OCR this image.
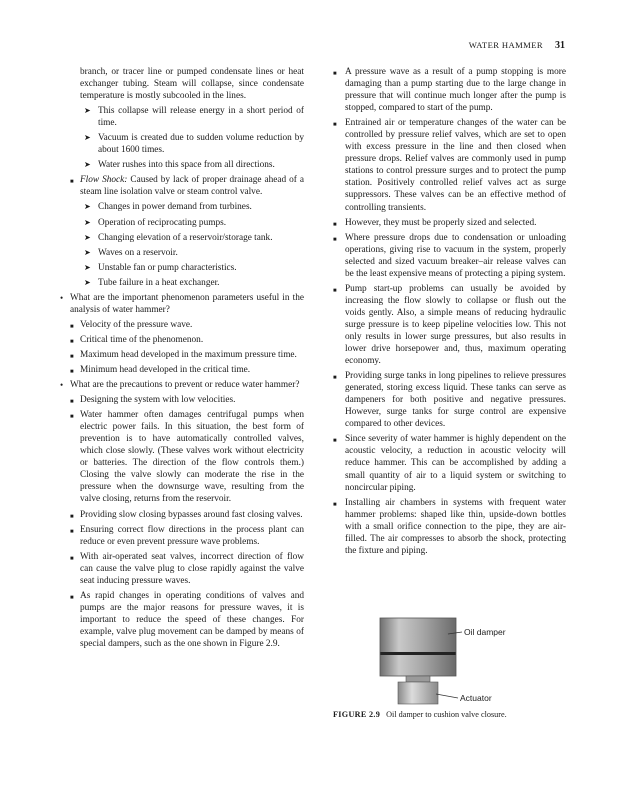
WATER HAMMER 31

branch, or tracer line or pumped condensate lines or heat exchanger tubing. Steam will collapse, since condensate temperature is mostly subcooled in the lines.

➤ This collapse will release energy in a short period of time.
➤ Vacuum is created due to sudden volume reduction by about 1600 times.
➤ Water rushes into this space from all directions.
■ Flow Shock: Caused by lack of proper drainage ahead of a steam line isolation valve or steam control valve.
➤ Changes in power demand from turbines.
➤ Operation of reciprocating pumps.
➤ Changing elevation of a reservoir/storage tank.
➤ Waves on a reservoir.
➤ Unstable fan or pump characteristics.
➤ Tube failure in a heat exchanger.
• What are the important phenomenon parameters useful in the analysis of water hammer?
■ Velocity of the pressure wave.
■ Critical time of the phenomenon.
■ Maximum head developed in the maximum pressure time.
■ Minimum head developed in the critical time.
• What are the precautions to prevent or reduce water hammer?
■ Designing the system with low velocities.
■ Water hammer often damages centrifugal pumps when electric power fails. In this situation, the best form of prevention is to have automatically controlled valves, which close slowly. (These valves work without electricity or batteries. The direction of the flow controls them.) Closing the valve slowly can moderate the rise in the pressure when the downsurge wave, resulting from the valve closing, returns from the reservoir.
■ Providing slow closing bypasses around fast closing valves.
■ Ensuring correct flow directions in the process plant can reduce or even prevent pressure wave problems.
■ With air-operated seat valves, incorrect direction of flow can cause the valve plug to close rapidly against the valve seat inducing pressure waves.
■ As rapid changes in operating conditions of valves and pumps are the major reasons for pressure waves, it is important to reduce the speed of these changes. For example, valve plug movement can be damped by means of special dampers, such as the one shown in Figure 2.9.
■ A pressure wave as a result of a pump stopping is more damaging than a pump starting due to the large change in pressure that will continue much longer after the pump is stopped, compared to start of the pump.
■ Entrained air or temperature changes of the water can be controlled by pressure relief valves, which are set to open with excess pressure in the line and then closed when pressure drops. Relief valves are commonly used in pump stations to control pressure surges and to protect the pump station. Positively controlled relief valves act as surge suppressors. These valves can be an effective method of controlling transients.
■ However, they must be properly sized and selected.
■ Where pressure drops due to condensation or unloading operations, giving rise to vacuum in the system, properly selected and sized vacuum breaker–air release valves can be the least expensive means of protecting a piping system.
■ Pump start-up problems can usually be avoided by increasing the flow slowly to collapse or flush out the voids gently. Also, a simple means of reducing hydraulic surge pressure is to keep pipeline velocities low. This not only results in lower surge pressures, but also results in lower drive horsepower and, thus, maximum operating economy.
■ Providing surge tanks in long pipelines to relieve pressures generated, storing excess liquid. These tanks can serve as dampeners for both positive and negative pressures. However, surge tanks for surge control are expensive compared to other devices.
■ Since severity of water hammer is highly dependent on the acoustic velocity, a reduction in acoustic velocity will reduce hammer. This can be accomplished by adding a small quantity of air to a liquid system or switching to noncircular piping.
■ Installing air chambers in systems with frequent water hammer problems: shaped like thin, upside-down bottles with a small orifice connection to the pipe, they are air-filled. The air compresses to absorb the shock, protecting the fixture and piping.
Oil damper
Actuator
FIGURE 2.9 Oil damper to cushion valve closure.
